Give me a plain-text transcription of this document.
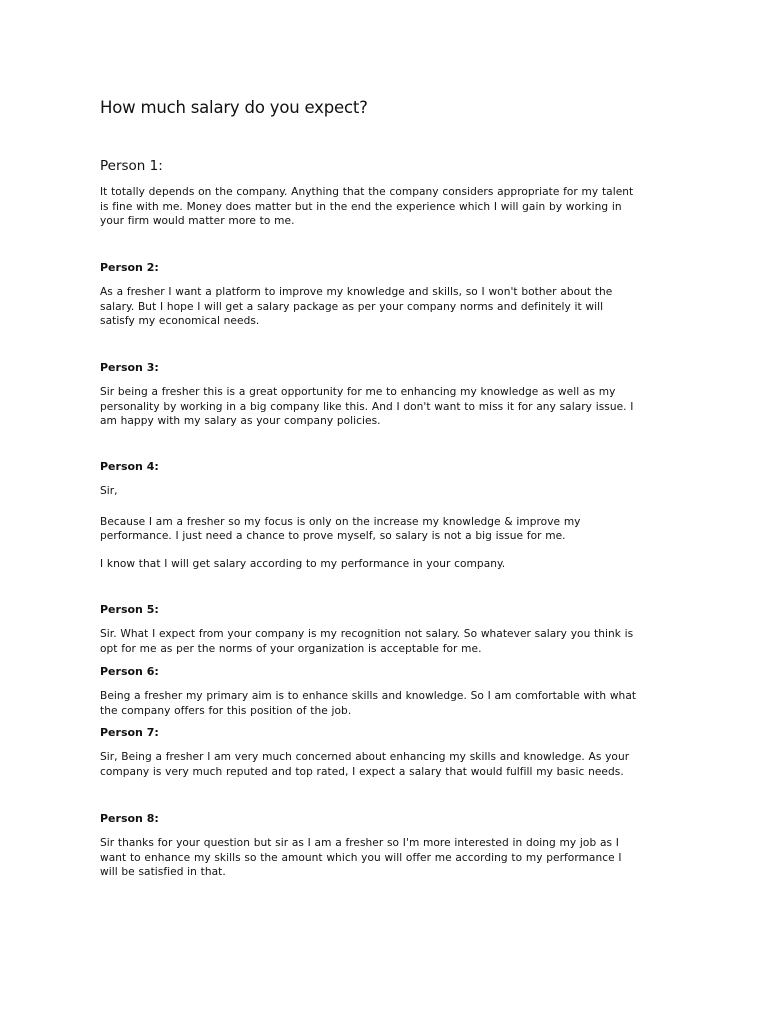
How much salary do you expect?
Person 1:

It totally depends on the company. Anything that the company considers appropriate for my talent
is fine with me. Money does matter but in the end the experience which I will gain by working in
your firm would matter more to me.

Person 2:

As a fresher I want a platform to improve my knowledge and skills, so I won't bother about the
salary. But I hope I will get a salary package as per your company norms and definitely it will
satisfy my economical needs.

Person 3:

Sir being a fresher this is a great opportunity for me to enhancing my knowledge as well as my
personality by working in a big company like this. And I don't want to miss it for any salary issue. I
am happy with my salary as your company policies.

Person 4:

Sir,

Because I am a fresher so my focus is only on the increase my knowledge & improve my
performance. I just need a chance to prove myself, so salary is not a big issue for me.

I know that I will get salary according to my performance in your company.

Person 5:

Sir. What I expect from your company is my recognition not salary. So whatever salary you think is
opt for me as per the norms of your organization is acceptable for me.

Person 6:

Being a fresher my primary aim is to enhance skills and knowledge. So I am comfortable with what
the company offers for this position of the job.

Person 7:

Sir, Being a fresher I am very much concerned about enhancing my skills and knowledge. As your
company is very much reputed and top rated, I expect a salary that would fulfill my basic needs.

Person 8:

Sir thanks for your question but sir as I am a fresher so I'm more interested in doing my job as I
want to enhance my skills so the amount which you will offer me according to my performance I
will be satisfied in that.
